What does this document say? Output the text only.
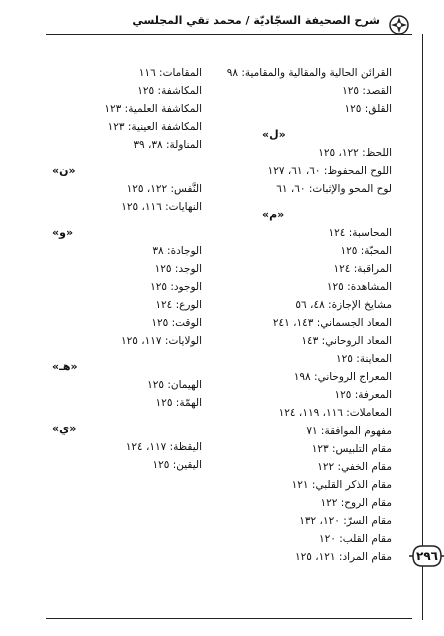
شرح الصحيفة السجّاديّة / محمد تقي المجلسي
٢٩٦
القرائن الحالية والمقالية والمقامية: ٩٨
القصد: ١٢٥
القلق: ١٢٥
«ل»
اللحظ: ١٢٢، ١٢٥
اللوح المحفوظ: ٦٠، ٦١، ١٢٧
لوح المحو والإثبات: ٦٠، ٦١
«م»
المحاسبة: ١٢٤
المحبّة: ١٢٥
المراقبة: ١٢٤
المشاهدة: ١٢٥
مشايخ الإجازة: ٤٨، ٥٦
المعاد الجسماني: ١٤٣، ٢٤١
المعاد الروحاني: ١٤٣
المعاينة: ١٢٥
المعراج الروحاني: ١٩٨
المعرفة: ١٢٥
المعاملات: ١١٦، ١١٩، ١٢٤
مفهوم الموافقة: ٧١
مقام التلبيس: ١٢٣
مقام الخفي: ١٢٢
مقام الذكر القلبي: ١٢١
مقام الروح: ١٢٢
مقام السرّ: ١٢٠، ١٣٢
مقام القلب: ١٢٠
مقام المراد: ١٢١، ١٢٥
المقامات: ١١٦
المكاشفة: ١٢٥
المكاشفة العلمية: ١٢٣
المكاشفة العينية: ١٢٣
المناولة: ٣٨، ٣٩
«ن»
النَّفس: ١٢٢، ١٢٥
النهايات: ١١٦، ١٢٥
«و»
الوجادة: ٣٨
الوجد: ١٢٥
الوجود: ١٢٥
الورع: ١٢٤
الوقت: ١٢٥
الولايات: ١١٧، ١٢٥
«هـ»
الهيمان: ١٢٥
الهمّة: ١٢٥
«ي»
اليقظة: ١١٧، ١٢٤
اليقين: ١٢٥
